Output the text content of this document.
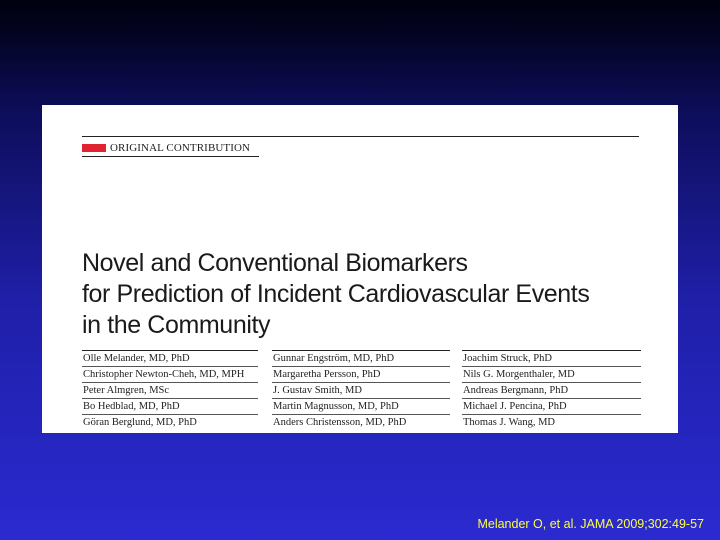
ORIGINAL CONTRIBUTION
Novel and Conventional Biomarkers
for Prediction of Incident Cardiovascular Events
in the Community
Olle Melander, MD, PhD
Christopher Newton-Cheh, MD, MPH
Peter Almgren, MSc
Bo Hedblad, MD, PhD
Göran Berglund, MD, PhD
Gunnar Engström, MD, PhD
Margaretha Persson, PhD
J. Gustav Smith, MD
Martin Magnusson, MD, PhD
Anders Christensson, MD, PhD
Joachim Struck, PhD
Nils G. Morgenthaler, MD
Andreas Bergmann, PhD
Michael J. Pencina, PhD
Thomas J. Wang, MD
Melander O, et al. JAMA 2009;302:49-57
